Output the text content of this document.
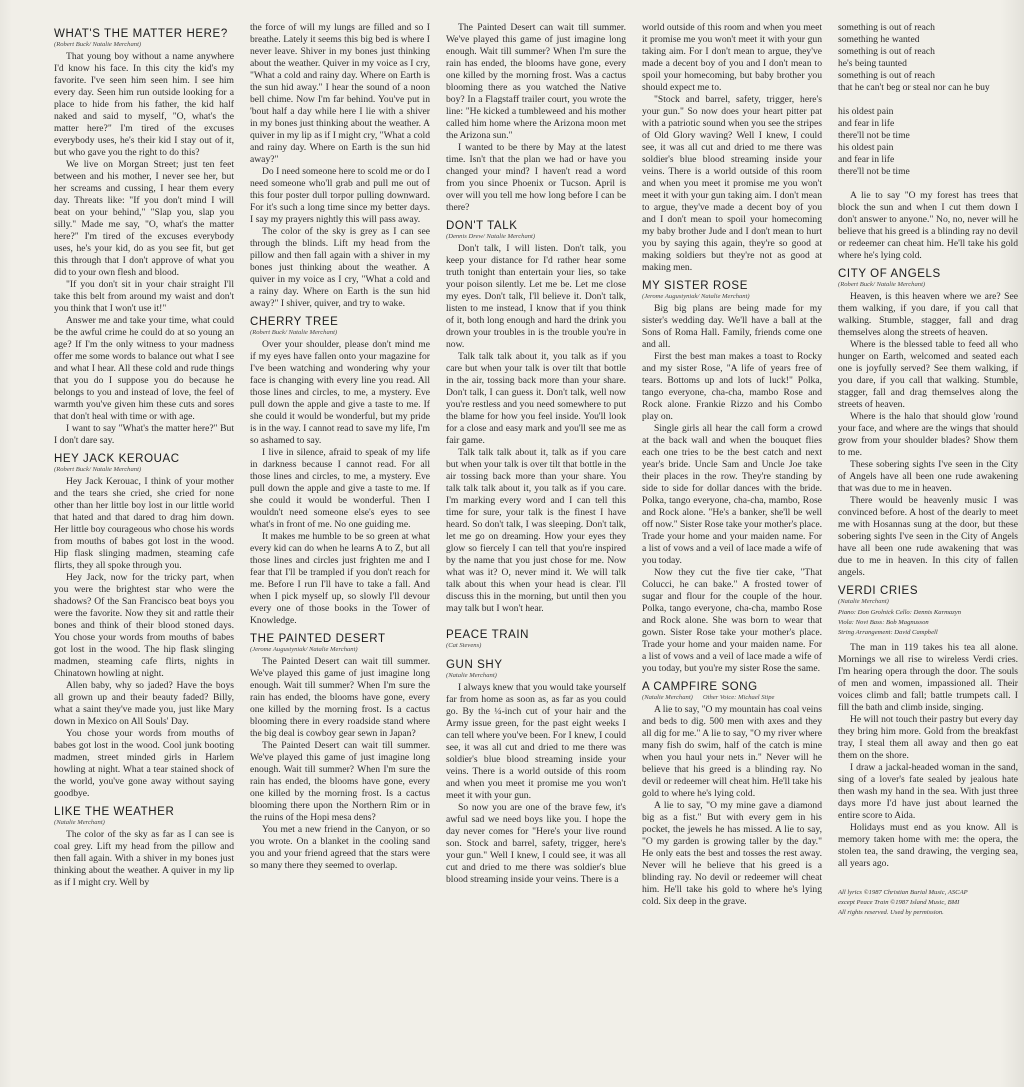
WHAT'S THE MATTER HERE?

(Robert Buck/ Natalie Merchant)

That young boy without a name anywhere I'd know his face. In this city the kid's my favorite. I've seen him seen him. I see him every day. Seen him run outside looking for a place to hide from his father, the kid half naked and said to myself, "O, what's the matter here?" I'm tired of the excuses everybody uses, he's their kid I stay out of it, but who gave you the right to do this?

We live on Morgan Street; just ten feet between and his mother, I never see her, but her screams and cussing, I hear them every day. Threats like: "If you don't mind I will beat on your behind," "Slap you, slap you silly." Made me say, "O, what's the matter here?" I'm tired of the excuses everybody uses, he's your kid, do as you see fit, but get this through that I don't approve of what you did to your own flesh and blood.

"If you don't sit in your chair straight I'll take this belt from around my waist and don't you think that I won't use it!"

Answer me and take your time, what could be the awful crime he could do at so young an age? If I'm the only witness to your madness offer me some words to balance out what I see and what I hear. All these cold and rude things that you do I suppose you do because he belongs to you and instead of love, the feel of warmth you've given him these cuts and sores that don't heal with time or with age.

I want to say "What's the matter here?" But I don't dare say.

HEY JACK KEROUAC

(Robert Buck/ Natalie Merchant)

Hey Jack Kerouac, I think of your mother and the tears she cried, she cried for none other than her little boy lost in our little world that hated and that dared to drag him down. Her little boy courageous who chose his words from mouths of babes got lost in the wood. Hip flask slinging madmen, steaming cafe flirts, they all spoke through you.

Hey Jack, now for the tricky part, when you were the brightest star who were the shadows? Of the San Francisco beat boys you were the favorite. Now they sit and rattle their bones and think of their blood stoned days. You chose your words from mouths of babes got lost in the wood. The hip flask slinging madmen, steaming cafe flirts, nights in Chinatown howling at night.

Allen baby, why so jaded? Have the boys all grown up and their beauty faded? Billy, what a saint they've made you, just like Mary down in Mexico on All Souls' Day.

You chose your words from mouths of babes got lost in the wood. Cool junk booting madmen, street minded girls in Harlem howling at night. What a tear stained shock of the world, you've gone away without saying goodbye.

LIKE THE WEATHER

(Natalie Merchant)

The color of the sky as far as I can see is coal grey. Lift my head from the pillow and then fall again. With a shiver in my bones just thinking about the weather. A quiver in my lip as if I might cry. Well by

the force of will my lungs are filled and so I breathe. Lately it seems this big bed is where I never leave. Shiver in my bones just thinking about the weather. Quiver in my voice as I cry, "What a cold and rainy day. Where on Earth is the sun hid away." I hear the sound of a noon bell chime. Now I'm far behind. You've put in 'bout half a day while here I lie with a shiver in my bones just thinking about the weather. A quiver in my lip as if I might cry, "What a cold and rainy day. Where on Earth is the sun hid away?"

Do I need someone here to scold me or do I need someone who'll grab and pull me out of this four poster dull torpor pulling downward. For it's such a long time since my better days. I say my prayers nightly this will pass away.

The color of the sky is grey as I can see through the blinds. Lift my head from the pillow and then fall again with a shiver in my bones just thinking about the weather. A quiver in my voice as I cry, "What a cold and a rainy day. Where on Earth is the sun hid away?" I shiver, quiver, and try to wake.

CHERRY TREE

(Robert Buck/ Natalie Merchant)

Over your shoulder, please don't mind me if my eyes have fallen onto your magazine for I've been watching and wondering why your face is changing with every line you read. All those lines and circles, to me, a mystery. Eve pull down the apple and give a taste to me. If she could it would be wonderful, but my pride is in the way. I cannot read to save my life, I'm so ashamed to say.

I live in silence, afraid to speak of my life in darkness because I cannot read. For all those lines and circles, to me, a mystery. Eve pull down the apple and give a taste to me. If she could it would be wonderful. Then I wouldn't need someone else's eyes to see what's in front of me. No one guiding me.

It makes me humble to be so green at what every kid can do when he learns A to Z, but all those lines and circles just frighten me and I fear that I'll be trampled if you don't reach for me. Before I run I'll have to take a fall. And when I pick myself up, so slowly I'll devour every one of those books in the Tower of Knowledge.

THE PAINTED DESERT

(Jerome Augustyniak/ Natalie Merchant)

The Painted Desert can wait till summer. We've played this game of just imagine long enough. Wait till summer? When I'm sure the rain has ended, the blooms have gone, every one killed by the morning frost. Is a cactus blooming there in every roadside stand where the big deal is cowboy gear sewn in Japan?

The Painted Desert can wait till summer. We've played this game of just imagine long enough. Wait till summer? When I'm sure the rain has ended, the blooms have gone, every one killed by the morning frost. Is a cactus blooming there upon the Northern Rim or in the ruins of the Hopi mesa dens?

You met a new friend in the Canyon, or so you wrote. On a blanket in the cooling sand you and your friend agreed that the stars were so many there they seemed to overlap.

The Painted Desert can wait till summer. We've played this game of just imagine long enough. Wait till summer? When I'm sure the rain has ended, the blooms have gone, every one killed by the morning frost. Was a cactus blooming there as you watched the Native boy? In a Flagstaff trailer court, you wrote the line: "He kicked a tumbleweed and his mother called him home where the Arizona moon met the Arizona sun."

I wanted to be there by May at the latest time. Isn't that the plan we had or have you changed your mind? I haven't read a word from you since Phoenix or Tucson. April is over will you tell me how long before I can be there?

DON'T TALK

(Dennis Drew/ Natalie Merchant)

Don't talk, I will listen. Don't talk, you keep your distance for I'd rather hear some truth tonight than entertain your lies, so take your poison silently. Let me be. Let me close my eyes. Don't talk, I'll believe it. Don't talk, listen to me instead, I know that if you think of it, both long enough and hard the drink you drown your troubles in is the trouble you're in now.

Talk talk talk about it, you talk as if you care but when your talk is over tilt that bottle in the air, tossing back more than your share. Don't talk, I can guess it. Don't talk, well now you're restless and you need somewhere to put the blame for how you feel inside. You'll look for a close and easy mark and you'll see me as fair game.

Talk talk talk about it, talk as if you care but when your talk is over tilt that bottle in the air tossing back more than your share. You talk talk talk about it, you talk as if you care. I'm marking every word and I can tell this time for sure, your talk is the finest I have heard. So don't talk, I was sleeping. Don't talk, let me go on dreaming. How your eyes they glow so fiercely I can tell that you're inspired by the name that you just chose for me. Now what was it? O, never mind it. We will talk talk about this when your head is clear. I'll discuss this in the morning, but until then you may talk but I won't hear.

PEACE TRAIN

(Cat Stevens)

GUN SHY

(Natalie Merchant)

I always knew that you would take yourself far from home as soon as, as far as you could go. By the ¼-inch cut of your hair and the Army issue green, for the past eight weeks I can tell where you've been. For I knew, I could see, it was all cut and dried to me there was soldier's blue blood streaming inside your veins. There is a world outside of this room and when you meet it promise me you won't meet it with your gun.

So now you are one of the brave few, it's awful sad we need boys like you. I hope the day never comes for "Here's your live round son. Stock and barrel, safety, trigger, here's your gun." Well I knew, I could see, it was all cut and dried to me there was soldier's blue blood streaming inside your veins. There is a

world outside of this room and when you meet it promise me you won't meet it with your gun taking aim. For I don't mean to argue, they've made a decent boy of you and I don't mean to spoil your homecoming, but baby brother you should expect me to.

"Stock and barrel, safety, trigger, here's your gun." So now does your heart pitter pat with a patriotic sound when you see the stripes of Old Glory waving? Well I knew, I could see, it was all cut and dried to me there was soldier's blue blood streaming inside your veins. There is a world outside of this room and when you meet it promise me you won't meet it with your gun taking aim. I don't mean to argue, they've made a decent boy of you and I don't mean to spoil your homecoming my baby brother Jude and I don't mean to hurt you by saying this again, they're so good at making soldiers but they're not as good at making men.

MY SISTER ROSE

(Jerome Augustyniak/ Natalie Merchant)

Big big plans are being made for my sister's wedding day. We'll have a ball at the Sons of Roma Hall. Family, friends come one and all.

First the best man makes a toast to Rocky and my sister Rose, "A life of years free of tears. Bottoms up and lots of luck!" Polka, tango everyone, cha-cha, mambo Rose and Rock alone. Frankie Rizzo and his Combo play on.

Single girls all hear the call form a crowd at the back wall and when the bouquet flies each one tries to be the best catch and next year's bride. Uncle Sam and Uncle Joe take their places in the row. They're standing by side to side for dollar dances with the bride. Polka, tango everyone, cha-cha, mambo, Rose and Rock alone. "He's a banker, she'll be well off now." Sister Rose take your mother's place. Trade your home and your maiden name. For a list of vows and a veil of lace made a wife of you today.

Now they cut the five tier cake, "That Colucci, he can bake." A frosted tower of sugar and flour for the couple of the hour. Polka, tango everyone, cha-cha, mambo Rose and Rock alone. She was born to wear that gown. Sister Rose take your mother's place. Trade your home and your maiden name. For a list of vows and a veil of lace made a wife of you today, but you're my sister Rose the same.

A CAMPFIRE SONG

(Natalie Merchant) Other Voice: Michael Stipe

A lie to say, "O my mountain has coal veins and beds to dig. 500 men with axes and they all dig for me." A lie to say, "O my river where many fish do swim, half of the catch is mine when you haul your nets in." Never will he believe that his greed is a blinding ray. No devil or redeemer will cheat him. He'll take his gold to where he's lying cold.

A lie to say, "O my mine gave a diamond big as a fist." But with every gem in his pocket, the jewels he has missed. A lie to say, "O my garden is growing taller by the day." He only eats the best and tosses the rest away. Never will he believe that his greed is a blinding ray. No devil or redeemer will cheat him. He'll take his gold to where he's lying cold. Six deep in the grave.

something is out of reach

something he wanted

something is out of reach

he's being taunted

something is out of reach

that he can't beg or steal nor can he buy

his oldest pain

and fear in life

there'll not be time

his oldest pain

and fear in life

there'll not be time

A lie to say "O my forest has trees that block the sun and when I cut them down I don't answer to anyone." No, no, never will he believe that his greed is a blinding ray no devil or redeemer can cheat him. He'll take his gold where he's lying cold.

CITY OF ANGELS

(Robert Buck/ Natalie Merchant)

Heaven, is this heaven where we are? See them walking, if you dare, if you call that walking. Stumble, stagger, fall and drag themselves along the streets of heaven.

Where is the blessed table to feed all who hunger on Earth, welcomed and seated each one is joyfully served? See them walking, if you dare, if you call that walking. Stumble, stagger, fall and drag themselves along the streets of heaven.

Where is the halo that should glow 'round your face, and where are the wings that should grow from your shoulder blades? Show them to me.

These sobering sights I've seen in the City of Angels have all been one rude awakening that was due to me in heaven.

There would be heavenly music I was convinced before. A host of the dearly to meet me with Hosannas sung at the door, but these sobering sights I've seen in the City of Angels have all been one rude awakening that was due to me in heaven. In this city of fallen angels.

VERDI CRIES

(Natalie Merchant)

Piano: Don Grolnick Cello: Dennis Karmazyn
Viola: Novi Bass: Bob Magnusson
String Arrangement: David Campbell

The man in 119 takes his tea all alone. Mornings we all rise to wireless Verdi cries. I'm hearing opera through the door. The souls of men and women, impassioned all. Their voices climb and fall; battle trumpets call. I fill the bath and climb inside, singing.

He will not touch their pastry but every day they bring him more. Gold from the breakfast tray, I steal them all away and then go eat them on the shore.

I draw a jackal-headed woman in the sand, sing of a lover's fate sealed by jealous hate then wash my hand in the sea. With just three days more I'd have just about learned the entire score to Aida.

Holidays must end as you know. All is memory taken home with me: the opera, the stolen tea, the sand drawing, the verging sea, all years ago.

All lyrics ©1987 Christian Burial Music, ASCAP
except Peace Train ©1987 Island Music, BMI
All rights reserved. Used by permission.
